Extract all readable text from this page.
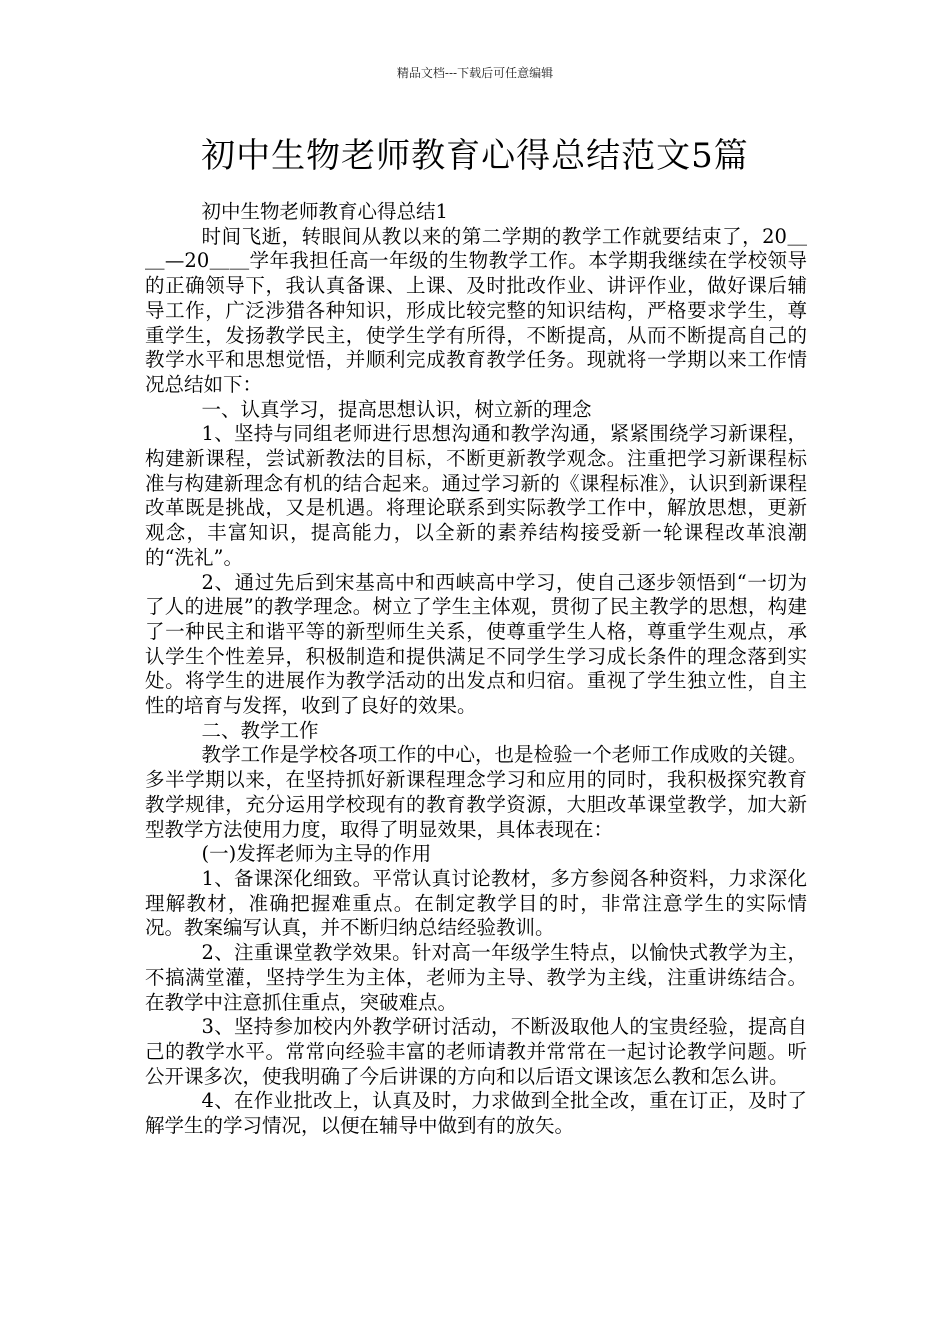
精品文档---下载后可任意编辑
初中生物老师教育心得总结范文5篇

初中生物老师教育心得总结1

时间飞逝，转眼间从教以来的第二学期的教学工作就要结束了，20＿＿—20＿＿学年我担任高一年级的生物教学工作。本学期我继续在学校领导的正确领导下，我认真备课、上课、及时批改作业、讲评作业，做好课后辅导工作，广泛涉猎各种知识，形成比较完整的知识结构，严格要求学生，尊重学生，发扬教学民主，使学生学有所得，不断提高，从而不断提高自己的教学水平和思想觉悟，并顺利完成教育教学任务。现就将一学期以来工作情况总结如下：

一、认真学习，提高思想认识，树立新的理念

1、坚持与同组老师进行思想沟通和教学沟通，紧紧围绕学习新课程，构建新课程，尝试新教法的目标，不断更新教学观念。注重把学习新课程标准与构建新理念有机的结合起来。通过学习新的《课程标准》，认识到新课程改革既是挑战，又是机遇。将理论联系到实际教学工作中，解放思想，更新观念，丰富知识，提高能力，以全新的素养结构接受新一轮课程改革浪潮的“洗礼”。

2、通过先后到宋基高中和西峡高中学习，使自己逐步领悟到“一切为了人的进展”的教学理念。树立了学生主体观，贯彻了民主教学的思想，构建了一种民主和谐平等的新型师生关系，使尊重学生人格，尊重学生观点，承认学生个性差异，积极制造和提供满足不同学生学习成长条件的理念落到实处。将学生的进展作为教学活动的出发点和归宿。重视了学生独立性，自主性的培育与发挥，收到了良好的效果。

二、教学工作

教学工作是学校各项工作的中心，也是检验一个老师工作成败的关键。多半学期以来，在坚持抓好新课程理念学习和应用的同时，我积极探究教育教学规律，充分运用学校现有的教育教学资源，大胆改革课堂教学，加大新型教学方法使用力度，取得了明显效果，具体表现在：

(一)发挥老师为主导的作用

1、备课深化细致。平常认真讨论教材，多方参阅各种资料，力求深化理解教材，准确把握难重点。在制定教学目的时，非常注意学生的实际情况。教案编写认真，并不断归纳总结经验教训。

2、注重课堂教学效果。针对高一年级学生特点，以愉快式教学为主，不搞满堂灌，坚持学生为主体，老师为主导、教学为主线，注重讲练结合。在教学中注意抓住重点，突破难点。

3、坚持参加校内外教学研讨活动，不断汲取他人的宝贵经验，提高自己的教学水平。常常向经验丰富的老师请教并常常在一起讨论教学问题。听公开课多次，使我明确了今后讲课的方向和以后语文课该怎么教和怎么讲。

4、在作业批改上，认真及时，力求做到全批全改，重在订正，及时了解学生的学习情况，以便在辅导中做到有的放矢。
